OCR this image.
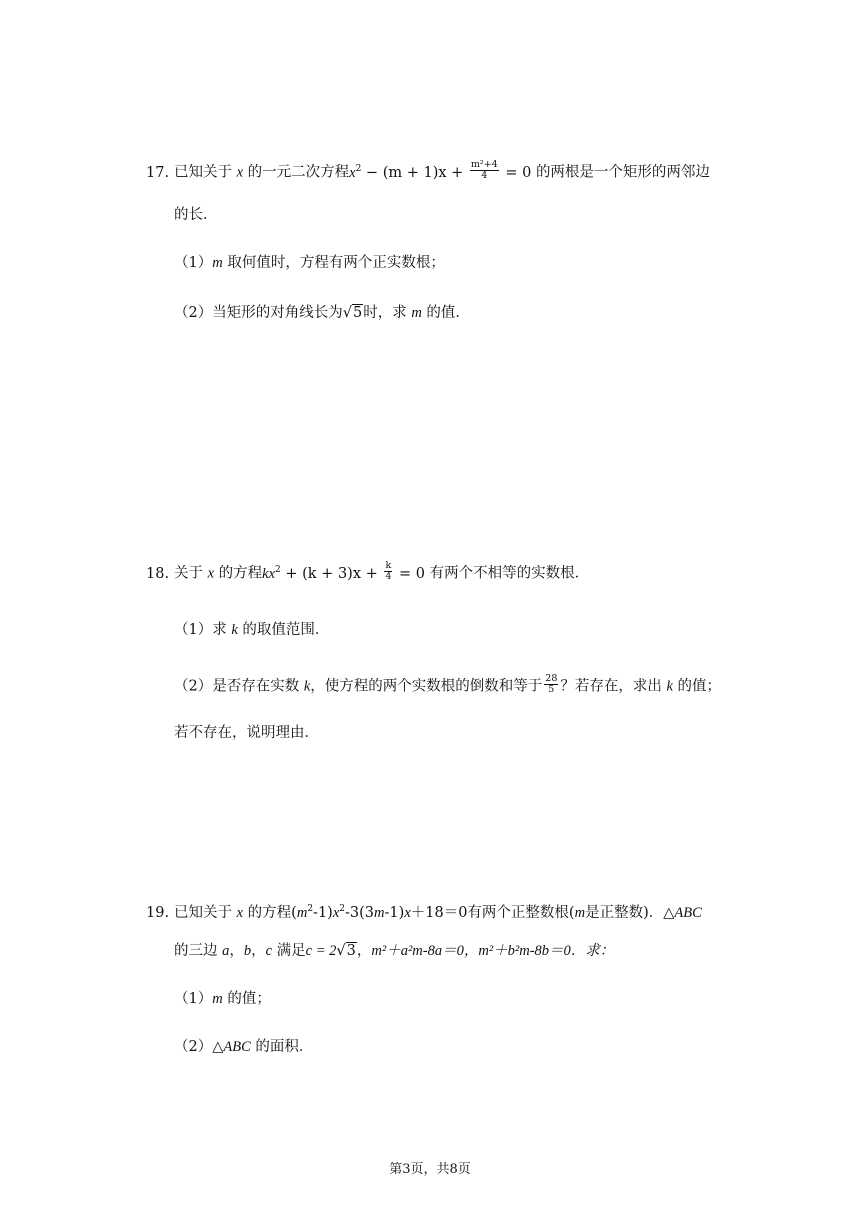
17. 已知关于 x 的一元二次方程$x^2 - (m + 1)x + \frac{\text{m²+4}}{4} = 0$ 的两根是一个矩形的两邻边
的长．
（1）m 取何值时，方程有两个正实数根；
（2）当矩形的对角线长为√5时，求 m 的值．
18. 关于 x 的方程$kx^2 + (k + 3)x + \frac{k}{4} = 0$ 有两个不相等的实数根．
（1）求 k 的取值范围．
（2）是否存在实数 k，使方程的两个实数根的倒数和等于 $\frac{28}{5}$ ？若存在，求出 k 的值；
若不存在，说明理由．
19. 已知关于 x 的方程$(m^2-1)x^2-3(3m-1)x+18=0$有两个正整数根(m是正整数)．△ABC
的三边 a，b，c 满足c = 2√3，m²＋a²m-8a＝0，m²＋b²m-8b＝0．求：
（1）m 的值；
（2）△ABC 的面积．
第3页，共8页
